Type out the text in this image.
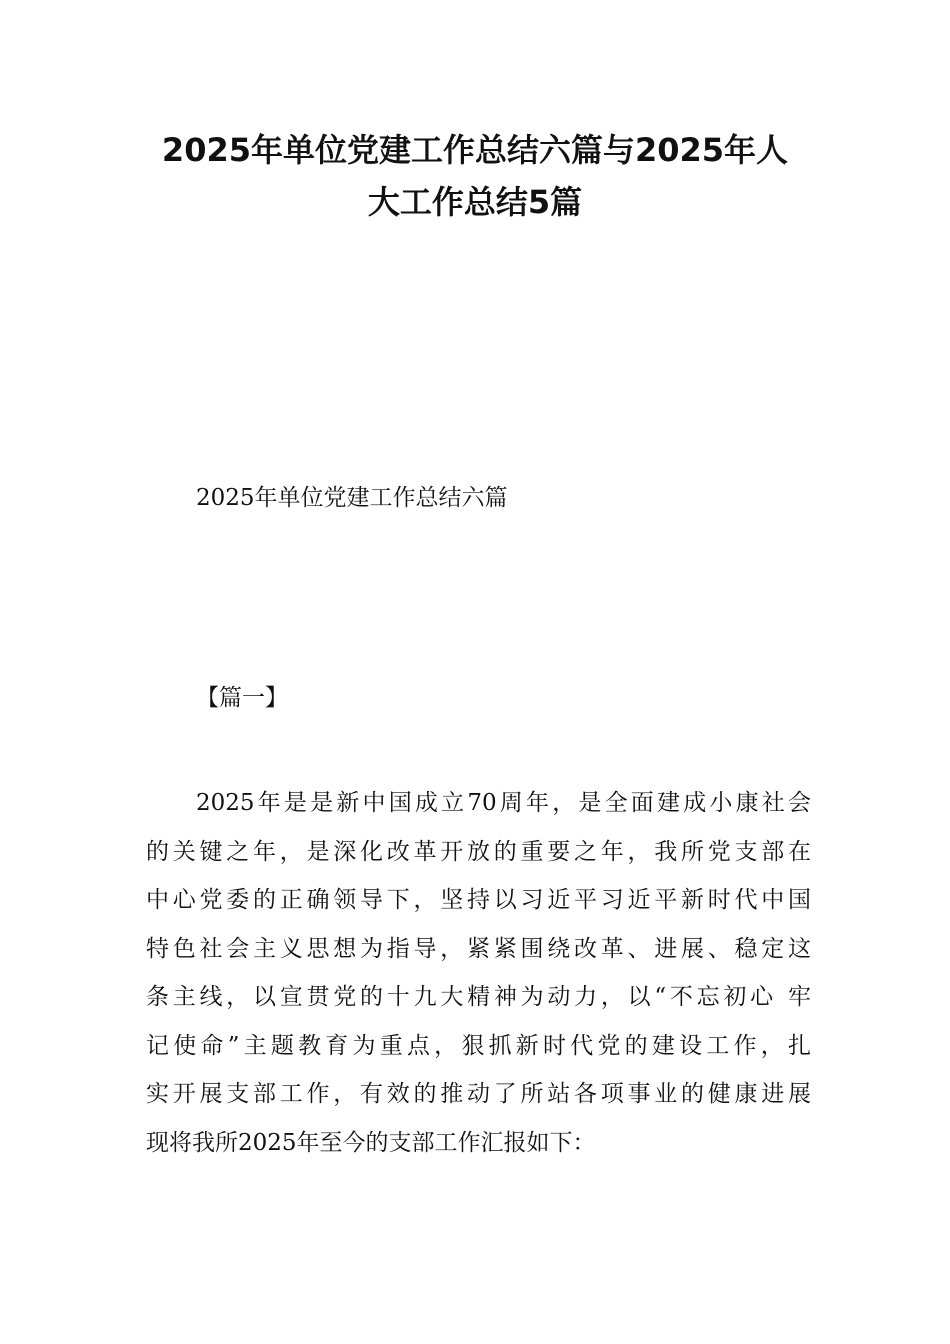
2025年单位党建工作总结六篇与2025年人
大工作总结5篇
2025年单位党建工作总结六篇

【篇一】

2025年是是新中国成立70周年，是全面建成小康社会
的关键之年，是深化改革开放的重要之年，我所党支部在
中心党委的正确领导下，坚持以习近平习近平新时代中国
特色社会主义思想为指导，紧紧围绕改革、进展、稳定这
条主线，以宣贯党的十九大精神为动力，以“不忘初心 牢
记使命”主题教育为重点，狠抓新时代党的建设工作，扎
实开展支部工作，有效的推动了所站各项事业的健康进展
现将我所2025年至今的支部工作汇报如下：
